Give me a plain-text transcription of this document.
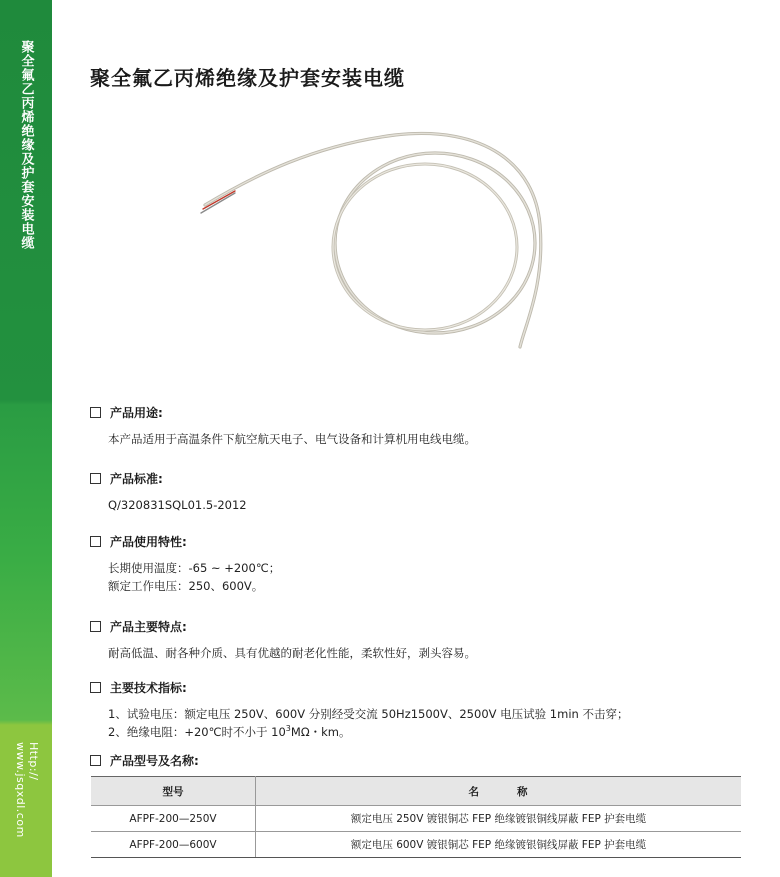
聚全氟乙丙烯绝缘及护套安装电缆
Http:// www.jsqxdl.com
聚全氟乙丙烯绝缘及护套安装电缆
产品用途:
本产品适用于高温条件下航空航天电子、电气设备和计算机用电线电缆。
产品标准:
Q/320831SQL01.5-2012
产品使用特性:
长期使用温度：-65 ~ +200℃；
额定工作电压：250、600V。
产品主要特点:
耐高低温、耐各种介质、具有优越的耐老化性能，柔软性好，剥头容易。
主要技术指标:
1、试验电压：额定电压 250V、600V 分别经受交流 50Hz1500V、2500V 电压试验 1min 不击穿；
2、绝缘电阻：+20℃时不小于 $10^3M\Omega$・km。
产品型号及名称:
型号	名称
AFPF-200—250V	额定电压 250V 镀银铜芯 FEP 绝缘镀银铜线屏蔽 FEP 护套电缆
AFPF-200—600V	额定电压 600V 镀银铜芯 FEP 绝缘镀银铜线屏蔽 FEP 护套电缆
